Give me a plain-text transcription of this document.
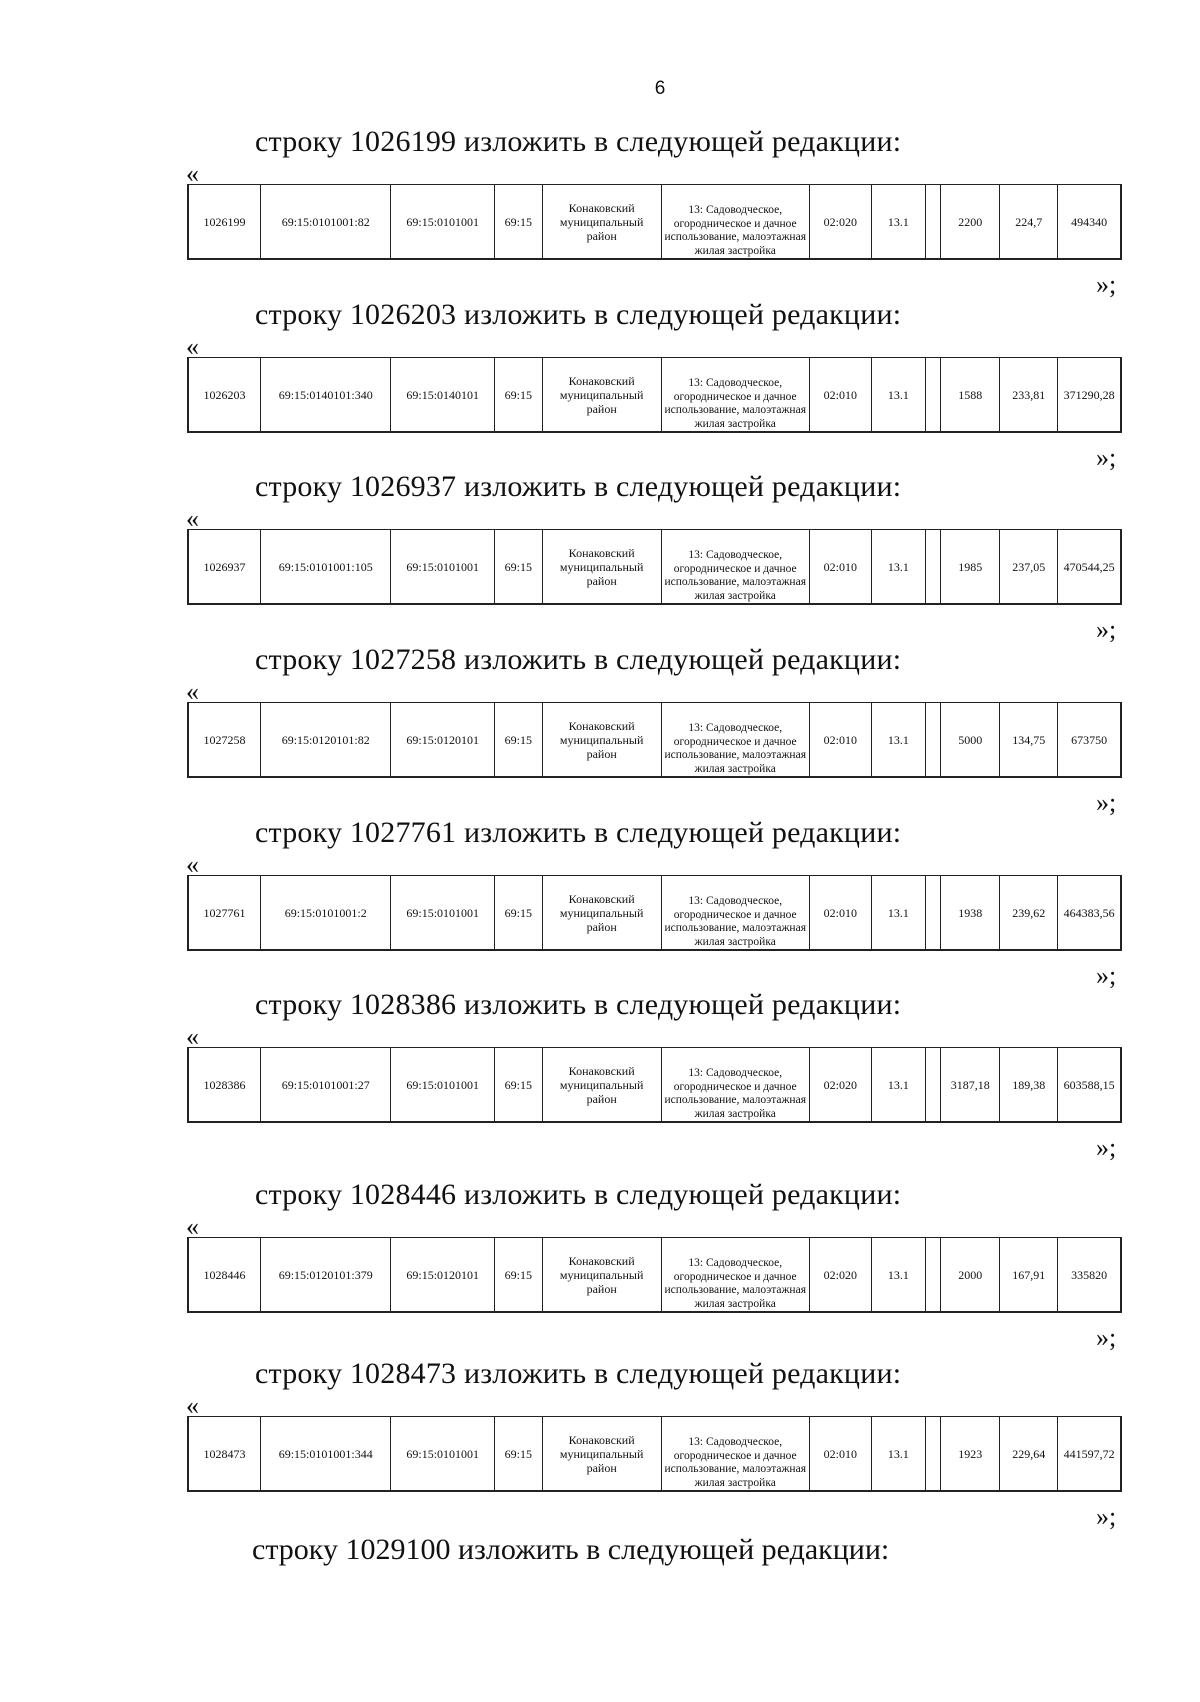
6
строку 1026199 изложить в следующей редакции:
«
1026199	69:15:0101001:82	69:15:0101001	69:15	Конаковский муниципальный район	13: Садоводческое, огородническое и дачное использование, малоэтажная жилая застройка	02:020	13.1		2200	224,7	494340
»;
строку 1026203 изложить в следующей редакции:
«
1026203	69:15:0140101:340	69:15:0140101	69:15	Конаковский муниципальный район	13: Садоводческое, огородническое и дачное использование, малоэтажная жилая застройка	02:010	13.1		1588	233,81	371290,28
»;
строку 1026937 изложить в следующей редакции:
«
1026937	69:15:0101001:105	69:15:0101001	69:15	Конаковский муниципальный район	13: Садоводческое, огородническое и дачное использование, малоэтажная жилая застройка	02:010	13.1		1985	237,05	470544,25
»;
строку 1027258 изложить в следующей редакции:
«
1027258	69:15:0120101:82	69:15:0120101	69:15	Конаковский муниципальный район	13: Садоводческое, огородническое и дачное использование, малоэтажная жилая застройка	02:010	13.1		5000	134,75	673750
»;
строку 1027761 изложить в следующей редакции:
«
1027761	69:15:0101001:2	69:15:0101001	69:15	Конаковский муниципальный район	13: Садоводческое, огородническое и дачное использование, малоэтажная жилая застройка	02:010	13.1		1938	239,62	464383,56
»;
строку 1028386 изложить в следующей редакции:
«
1028386	69:15:0101001:27	69:15:0101001	69:15	Конаковский муниципальный район	13: Садоводческое, огородническое и дачное использование, малоэтажная жилая застройка	02:020	13.1		3187,18	189,38	603588,15
»;
строку 1028446 изложить в следующей редакции:
«
1028446	69:15:0120101:379	69:15:0120101	69:15	Конаковский муниципальный район	13: Садоводческое, огородническое и дачное использование, малоэтажная жилая застройка	02:020	13.1		2000	167,91	335820
»;
строку 1028473 изложить в следующей редакции:
«
1028473	69:15:0101001:344	69:15:0101001	69:15	Конаковский муниципальный район	13: Садоводческое, огородническое и дачное использование, малоэтажная жилая застройка	02:010	13.1		1923	229,64	441597,72
»;
строку 1029100 изложить в следующей редакции:
